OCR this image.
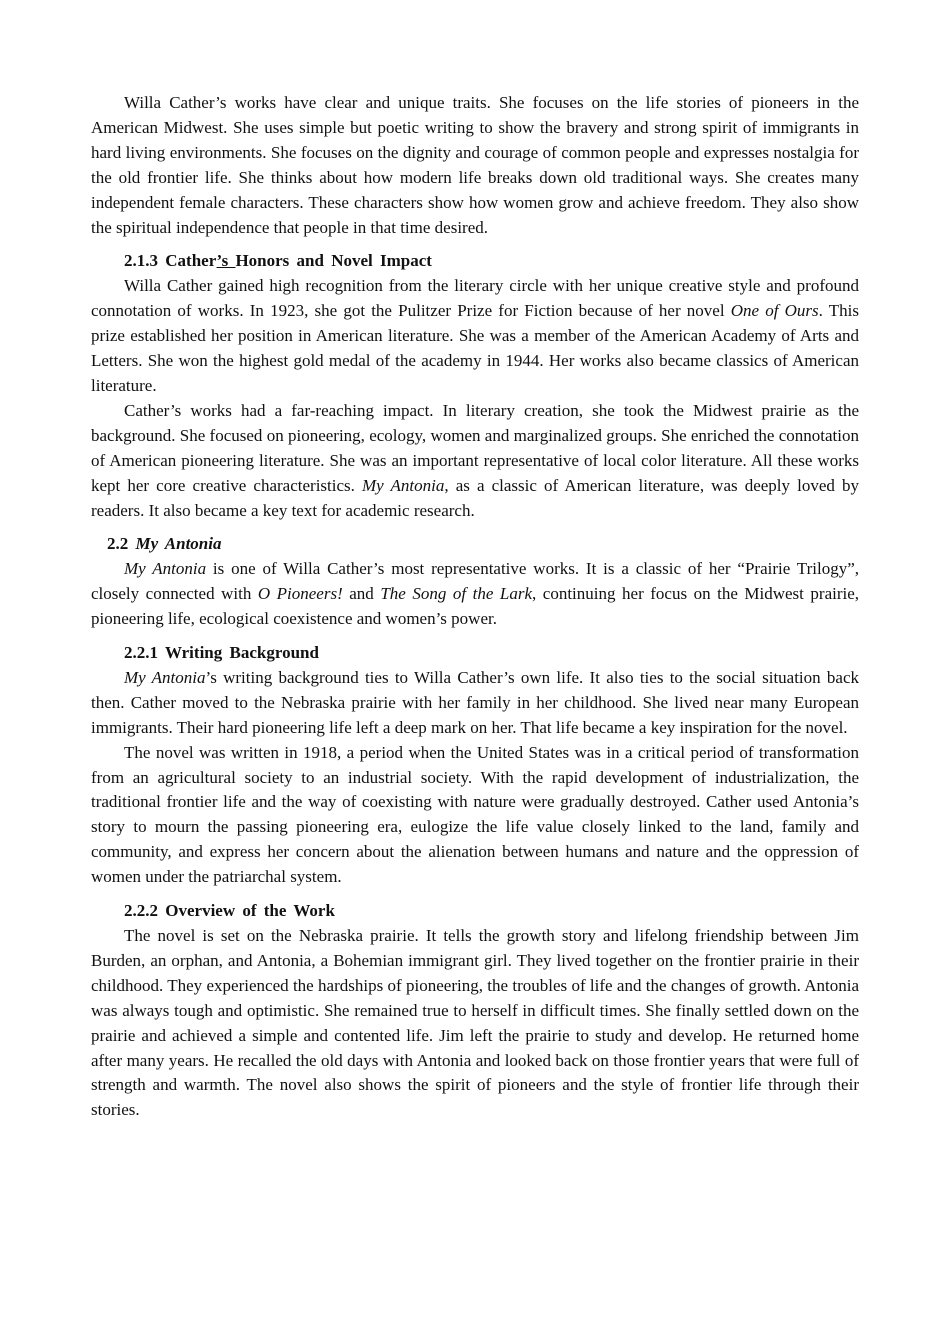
Willa Cather’s works have clear and unique traits. She focuses on the life stories of pioneers in the American Midwest. She uses simple but poetic writing to show the bravery and strong spirit of immigrants in hard living environments. She focuses on the dignity and courage of common people and expresses nostalgia for the old frontier life. She thinks about how modern life breaks down old traditional ways. She creates many independent female characters. These characters show how women grow and achieve freedom. They also show the spiritual independence that people in that time desired.

2.1.3 Cather’s Honors and Novel Impact

Willa Cather gained high recognition from the literary circle with her unique creative style and profound connotation of works. In 1923, she got the Pulitzer Prize for Fiction because of her novel One of Ours. This prize established her position in American literature. She was a member of the American Academy of Arts and Letters. She won the highest gold medal of the academy in 1944. Her works also became classics of American literature.

Cather’s works had a far-reaching impact. In literary creation, she took the Midwest prairie as the background. She focused on pioneering, ecology, women and marginalized groups. She enriched the connotation of American pioneering literature. She was an important representative of local color literature. All these works kept her core creative characteristics. My Antonia, as a classic of American literature, was deeply loved by readers. It also became a key text for academic research.

2.2 My Antonia

My Antonia is one of Willa Cather’s most representative works. It is a classic of her “Prairie Trilogy”, closely connected with O Pioneers! and The Song of the Lark, continuing her focus on the Midwest prairie, pioneering life, ecological coexistence and women’s power.

2.2.1 Writing Background

My Antonia’s writing background ties to Willa Cather’s own life. It also ties to the social situation back then. Cather moved to the Nebraska prairie with her family in her childhood. She lived near many European immigrants. Their hard pioneering life left a deep mark on her. That life became a key inspiration for the novel.

The novel was written in 1918, a period when the United States was in a critical period of transformation from an agricultural society to an industrial society. With the rapid development of industrialization, the traditional frontier life and the way of coexisting with nature were gradually destroyed. Cather used Antonia’s story to mourn the passing pioneering era, eulogize the life value closely linked to the land, family and community, and express her concern about the alienation between humans and nature and the oppression of women under the patriarchal system.

2.2.2 Overview of the Work

The novel is set on the Nebraska prairie. It tells the growth story and lifelong friendship between Jim Burden, an orphan, and Antonia, a Bohemian immigrant girl. They lived together on the frontier prairie in their childhood. They experienced the hardships of pioneering, the troubles of life and the changes of growth. Antonia was always tough and optimistic. She remained true to herself in difficult times. She finally settled down on the prairie and achieved a simple and contented life. Jim left the prairie to study and develop. He returned home after many years. He recalled the old days with Antonia and looked back on those frontier years that were full of strength and warmth. The novel also shows the spirit of pioneers and the style of frontier life through their stories.
